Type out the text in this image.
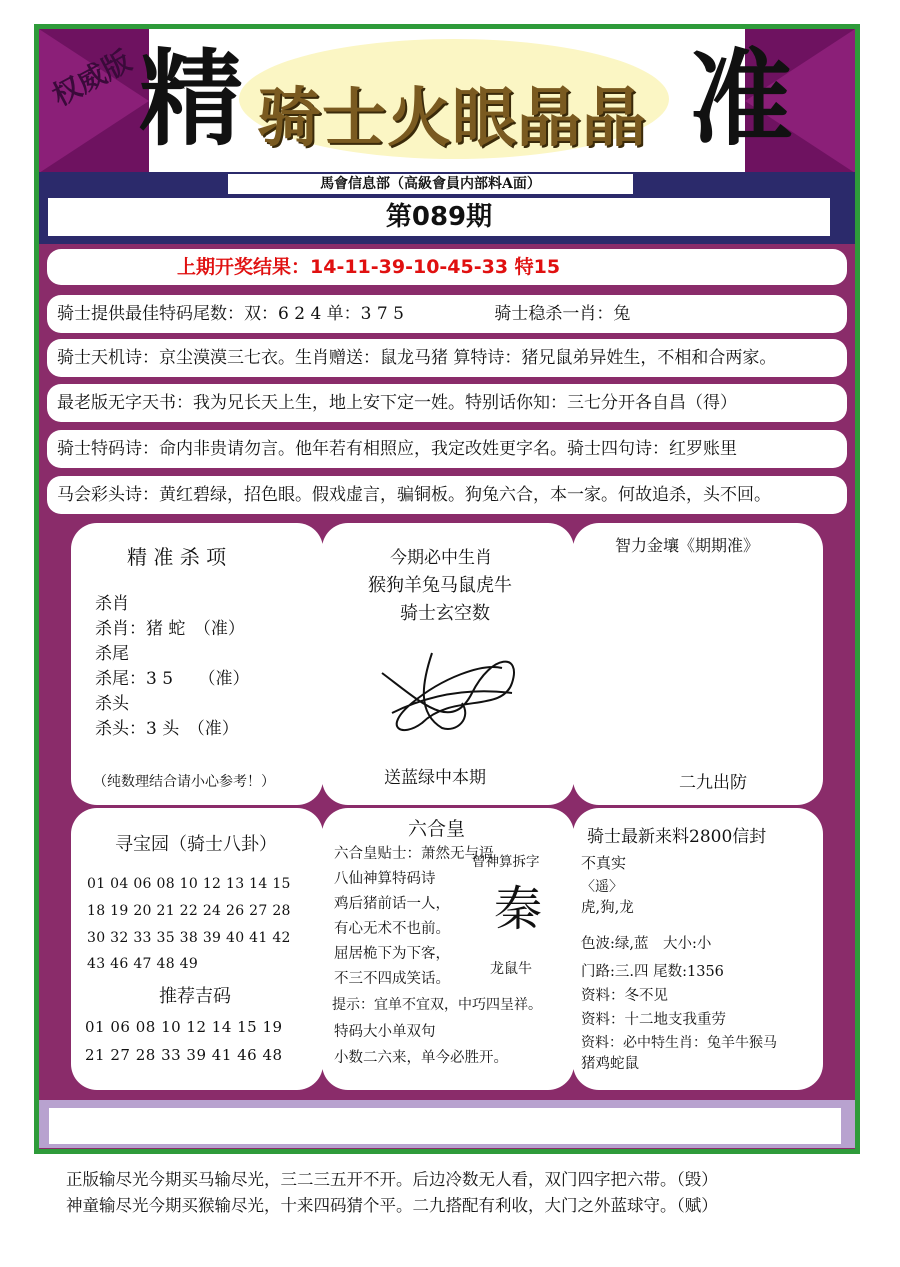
权威版 精 骑士火眼晶晶 准
馬會信息部（高級會員内部料A面）
第089期
上期开奖结果：14-11-39-10-45-33 特15
骑士提供最佳特码尾数：双：6 2 4 单：3 7 5 　　　　　骑士稳杀一肖：兔
骑士天机诗：京尘漠漠三七衣。生肖赠送：鼠龙马猪 算特诗：猪兄鼠弟异姓生，不相和合两家。
最老版无字天书：我为兄长天上生，地上安下定一姓。特别话你知：三七分开各自昌（得）
骑士特码诗：命内非贵请勿言。他年若有相照应，我定改姓更字名。骑士四句诗：红罗账里
马会彩头诗：黄红碧绿，招色眼。假戏虚言，骗铜板。狗兔六合，本一家。何故追杀，头不回。
精 准 杀 项
杀肖
杀肖：猪 蛇　（准）
杀尾
杀尾：3 5　　（准）
杀头
杀头：3 头　（准）
（纯数理结合请小心参考！）
今期必中生肖
猴狗羊兔马鼠虎牛
骑士玄空数
送蓝绿中本期
智力金壤《期期准》
二九出防
寻宝园（骑士八卦）
01 04 06 08 10 12 13 14 15
18 19 20 21 22 24 26 27 28
30 32 33 35 38 39 40 41 42
43 46 47 48 49
推荐吉码
01 06 08 10 12 14 15 19
21 27 28 33 39 41 46 48
六合皇
六合皇贴士：萧然无与语
八仙神算特码诗
鸡后猪前话一人，
有心无术不也前。
屈居桅下为下客，
不三不四成笑话。
提示：宜单不宜双，中巧四呈祥。
特码大小单双句
小数二六来，单今必胜开。
曾神算拆字
秦
龙鼠牛
骑士最新来料2800信封
不真实
〈遥〉
虎,狗,龙
色波:绿,蓝　大小:小
门路:三.四 尾数:1356
资料：冬不见
资料：十二地支我重劳
资料：必中特生肖：兔羊牛猴马
猪鸡蛇鼠
正版输尽光今期买马输尽光，三二三五开不开。后边冷数无人看，双门四字把六带。（毁）
神童输尽光今期买猴输尽光，十来四码猜个平。二九搭配有利收，大门之外蓝球守。（赋）
